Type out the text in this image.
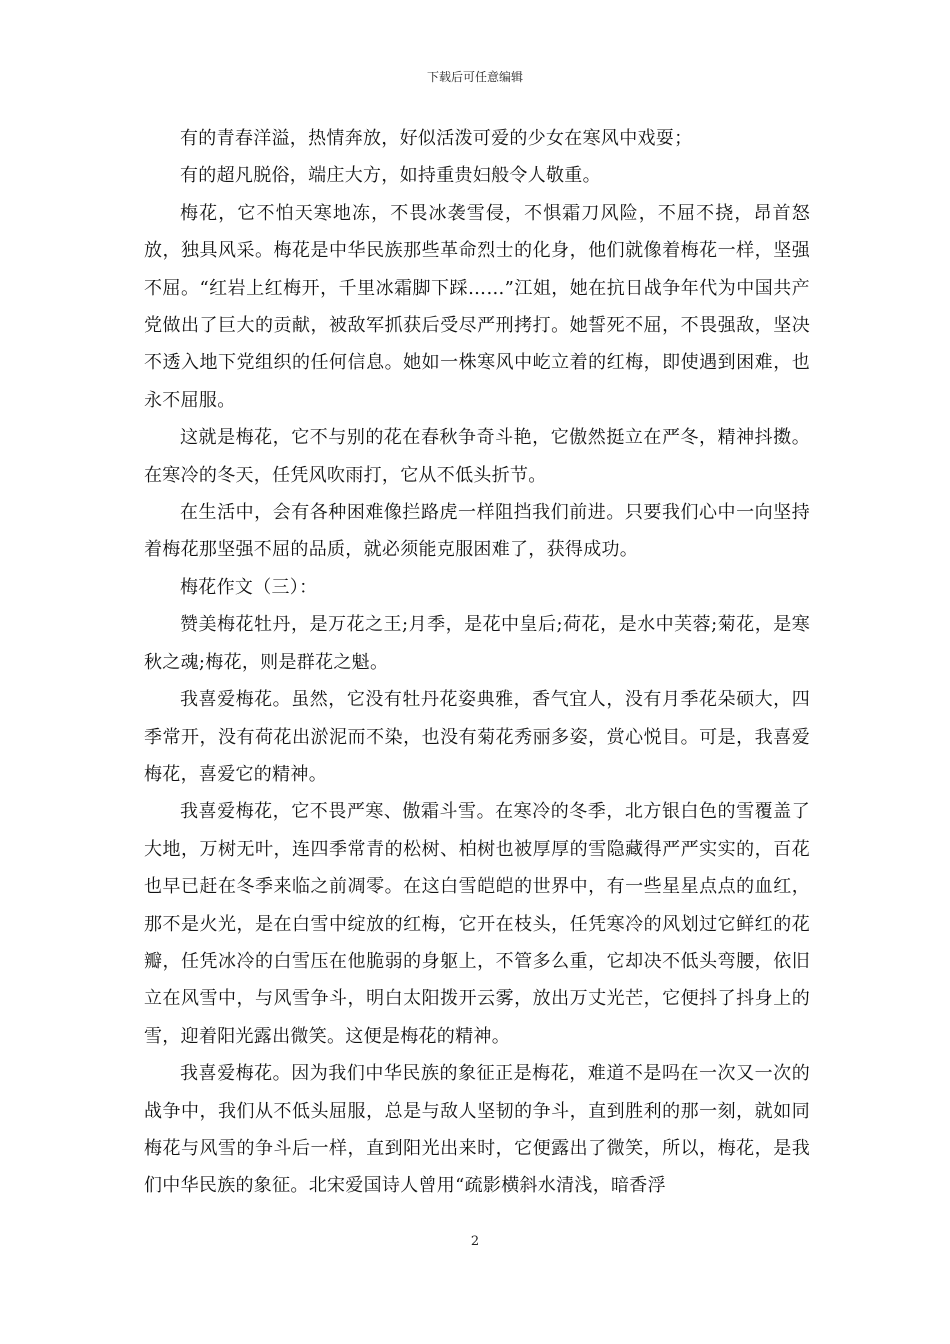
下载后可任意编辑

有的青春洋溢，热情奔放，好似活泼可爱的少女在寒风中戏耍；

有的超凡脱俗，端庄大方，如持重贵妇般令人敬重。

梅花，它不怕天寒地冻，不畏冰袭雪侵，不惧霜刀风险，不屈不挠，昂首怒放，独具风采。梅花是中华民族那些革命烈士的化身，他们就像着梅花一样，坚强不屈。“红岩上红梅开，千里冰霜脚下踩……”江姐，她在抗日战争年代为中国共产党做出了巨大的贡献，被敌军抓获后受尽严刑拷打。她誓死不屈，不畏强敌，坚决不透入地下党组织的任何信息。她如一株寒风中屹立着的红梅，即使遇到困难，也永不屈服。

这就是梅花，它不与别的花在春秋争奇斗艳，它傲然挺立在严冬，精神抖擞。在寒冷的冬天，任凭风吹雨打，它从不低头折节。

在生活中，会有各种困难像拦路虎一样阻挡我们前进。只要我们心中一向坚持着梅花那坚强不屈的品质，就必须能克服困难了，获得成功。

梅花作文（三）：

赞美梅花牡丹，是万花之王;月季，是花中皇后;荷花，是水中芙蓉;菊花，是寒秋之魂;梅花，则是群花之魁。

我喜爱梅花。虽然，它没有牡丹花姿典雅，香气宜人，没有月季花朵硕大，四季常开，没有荷花出淤泥而不染，也没有菊花秀丽多姿，赏心悦目。可是，我喜爱梅花，喜爱它的精神。

我喜爱梅花，它不畏严寒、傲霜斗雪。在寒冷的冬季，北方银白色的雪覆盖了大地，万树无叶，连四季常青的松树、柏树也被厚厚的雪隐藏得严严实实的，百花也早已赶在冬季来临之前凋零。在这白雪皑皑的世界中，有一些星星点点的血红，那不是火光，是在白雪中绽放的红梅，它开在枝头，任凭寒冷的风划过它鲜红的花瓣，任凭冰冷的白雪压在他脆弱的身躯上，不管多么重，它却决不低头弯腰，依旧立在风雪中，与风雪争斗，明白太阳拨开云雾，放出万丈光芒，它便抖了抖身上的雪，迎着阳光露出微笑。这便是梅花的精神。

我喜爱梅花。因为我们中华民族的象征正是梅花，难道不是吗在一次又一次的战争中，我们从不低头屈服，总是与敌人坚韧的争斗，直到胜利的那一刻，就如同梅花与风雪的争斗后一样，直到阳光出来时，它便露出了微笑，所以，梅花，是我们中华民族的象征。北宋爱国诗人曾用“疏影横斜水清浅，暗香浮

2
